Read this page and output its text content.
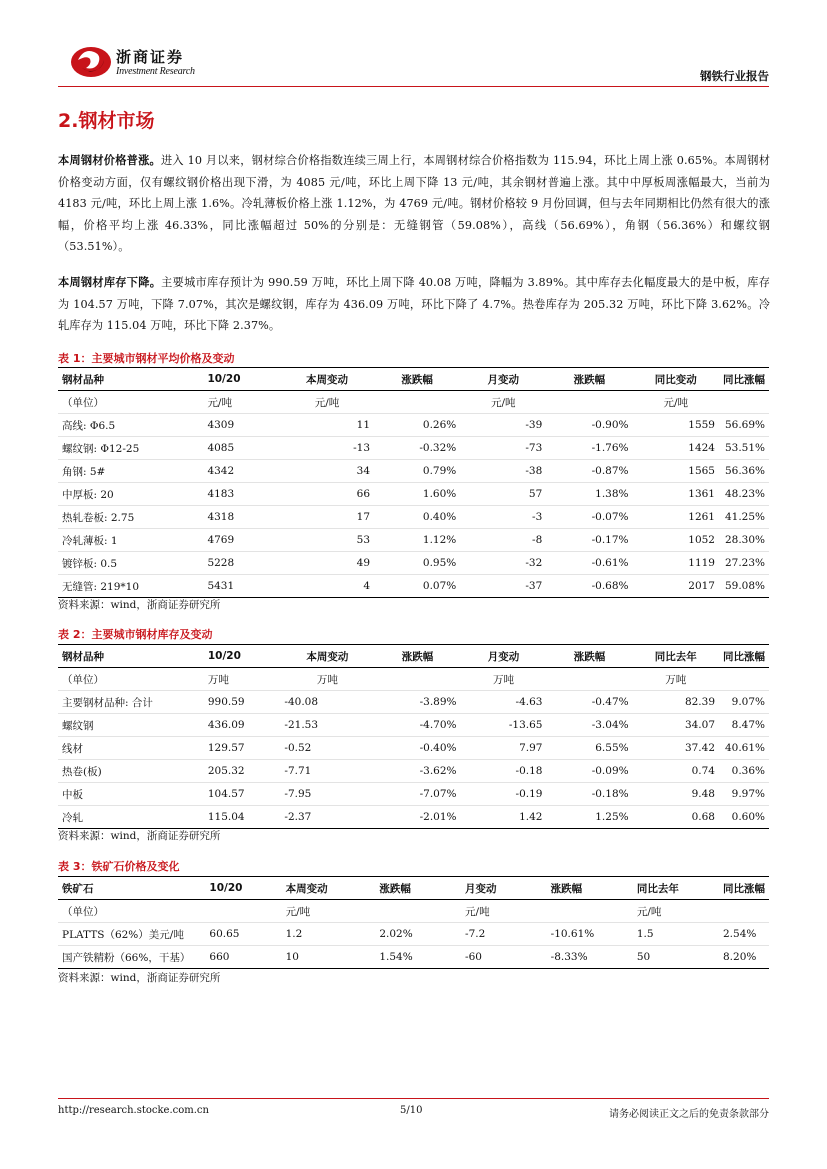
浙商证券
Investment Research	钢铁行业报告
2.钢材市场
本周钢材价格普涨。进入 10 月以来，钢材综合价格指数连续三周上行，本周钢材综合价格指数为 115.94，环比上周上涨 0.65%。本周钢材价格变动方面，仅有螺纹钢价格出现下滑，为 4085 元/吨，环比上周下降 13 元/吨，其余钢材普遍上涨。其中中厚板周涨幅最大，当前为 4183 元/吨，环比上周上涨 1.6%。冷轧薄板价格上涨 1.12%，为 4769 元/吨。钢材价格较 9 月份回调，但与去年同期相比仍然有很大的涨幅，价格平均上涨 46.33%，同比涨幅超过 50%的分别是：无缝钢管（59.08%），高线（56.69%），角钢（56.36%）和螺纹钢（53.51%）。
本周钢材库存下降。主要城市库存预计为 990.59 万吨，环比上周下降 40.08 万吨，降幅为 3.89%。其中库存去化幅度最大的是中板，库存为 104.57 万吨，下降 7.07%，其次是螺纹钢，库存为 436.09 万吨，环比下降了 4.7%。热卷库存为 205.32 万吨，环比下降 3.62%。冷轧库存为 115.04 万吨，环比下降 2.37%。
表 1：主要城市钢材平均价格及变动
钢材品种	10/20	本周变动	涨跌幅	月变动	涨跌幅	同比变动	同比涨幅
（单位）	元/吨	元/吨		元/吨		元/吨	
高线: Φ6.5	4309	11	0.26%	-39	-0.90%	1559	56.69%
螺纹钢: Φ12-25	4085	-13	-0.32%	-73	-1.76%	1424	53.51%
角钢: 5#	4342	34	0.79%	-38	-0.87%	1565	56.36%
中厚板: 20	4183	66	1.60%	57	1.38%	1361	48.23%
热轧卷板: 2.75	4318	17	0.40%	-3	-0.07%	1261	41.25%
冷轧薄板: 1	4769	53	1.12%	-8	-0.17%	1052	28.30%
镀锌板: 0.5	5228	49	0.95%	-32	-0.61%	1119	27.23%
无缝管: 219*10	5431	4	0.07%	-37	-0.68%	2017	59.08%
资料来源：wind，浙商证券研究所
表 2：主要城市钢材库存及变动
钢材品种	10/20	本周变动	涨跌幅	月变动	涨跌幅	同比去年	同比涨幅
（单位）	万吨	万吨		万吨		万吨	
主要钢材品种: 合计	990.59	-40.08	-3.89%	-4.63	-0.47%	82.39	9.07%
螺纹钢	436.09	-21.53	-4.70%	-13.65	-3.04%	34.07	8.47%
线材	129.57	-0.52	-0.40%	7.97	6.55%	37.42	40.61%
热卷(板)	205.32	-7.71	-3.62%	-0.18	-0.09%	0.74	0.36%
中板	104.57	-7.95	-7.07%	-0.19	-0.18%	9.48	9.97%
冷轧	115.04	-2.37	-2.01%	1.42	1.25%	0.68	0.60%
资料来源：wind，浙商证券研究所
表 3：铁矿石价格及变化
铁矿石	10/20	本周变动	涨跌幅	月变动	涨跌幅	同比去年	同比涨幅
（单位）		元/吨		元/吨		元/吨	
PLATTS（62%）美元/吨	60.65	1.2	2.02%	-7.2	-10.61%	1.5	2.54%
国产铁精粉（66%，干基）	660	10	1.54%	-60	-8.33%	50	8.20%
资料来源：wind，浙商证券研究所
http://research.stocke.com.cn	5/10	请务必阅读正文之后的免责条款部分
